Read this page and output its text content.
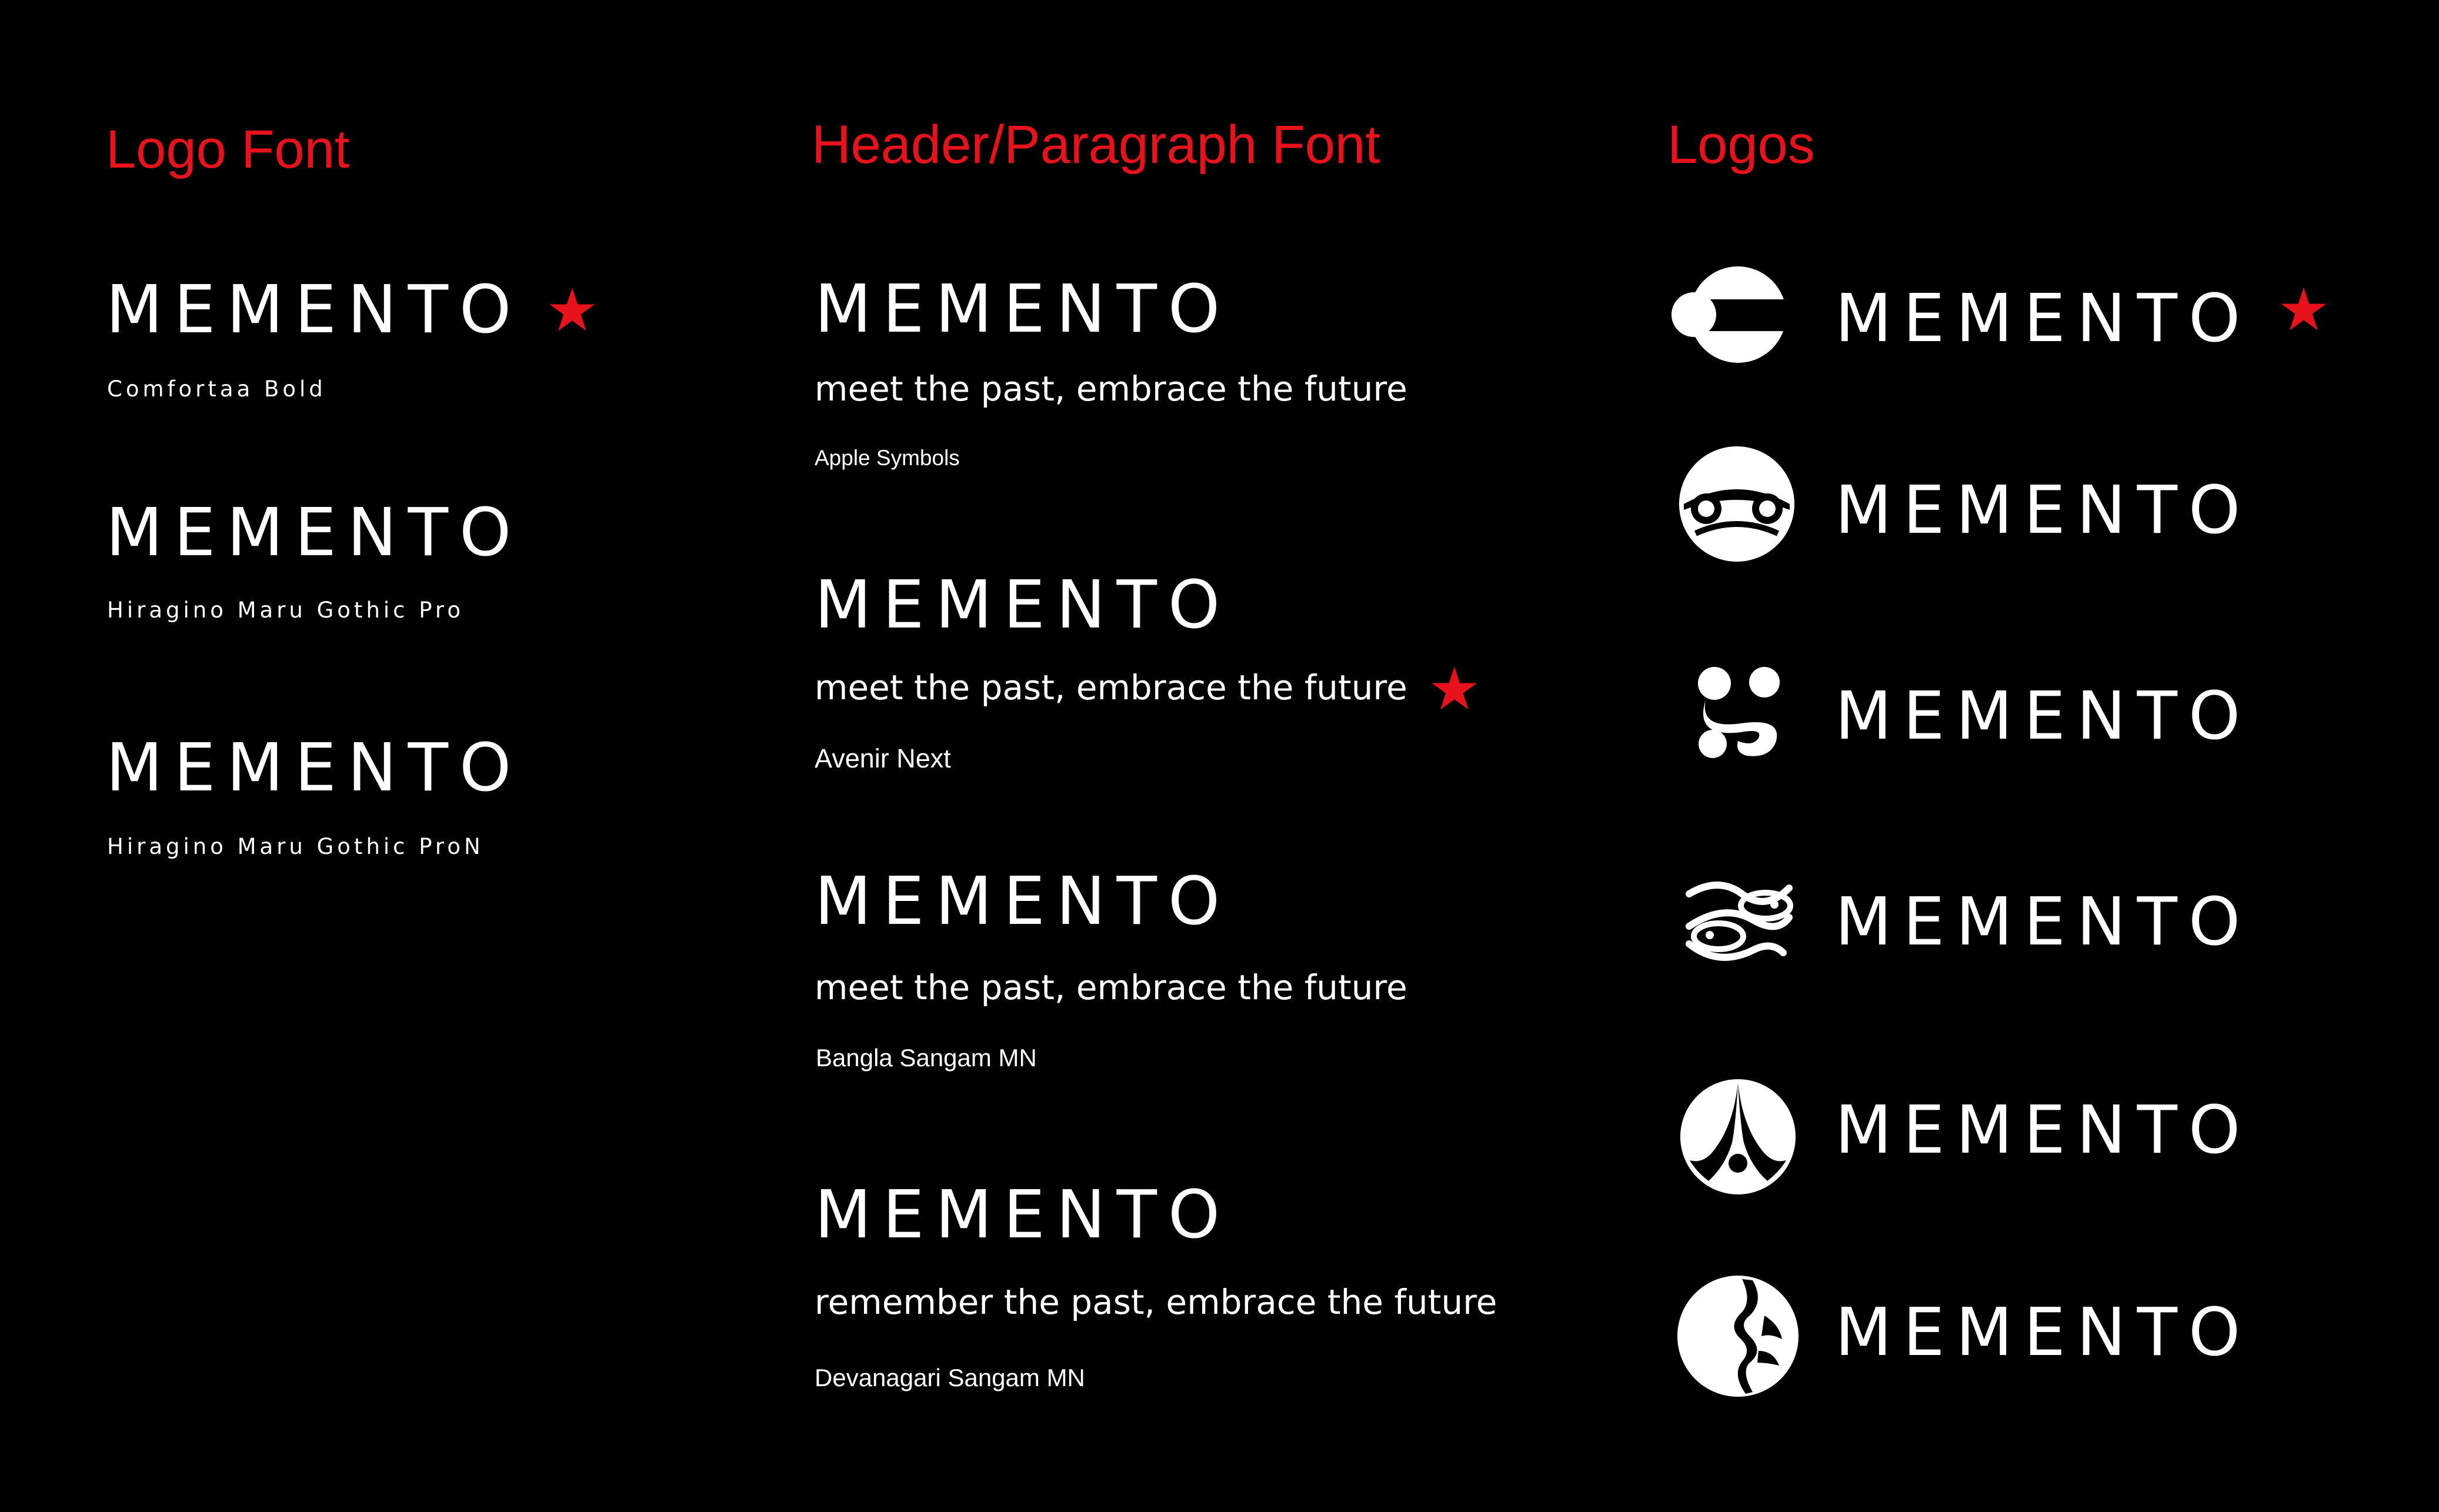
Logo Font
MEMENTO ★
Comfortaa Bold
MEMENTO
Hiragino Maru Gothic Pro
MEMENTO
Hiragino Maru Gothic ProN
Header/Paragraph Font
MEMENTO
meet the past, embrace the future
Apple Symbols
MEMENTO
meet the past, embrace the future ★
Avenir Next
MEMENTO
meet the past, embrace the future
Bangla Sangam MN
MEMENTO
remember the past, embrace the future
Devanagari Sangam MN
Logos
MEMENTO ★
MEMENTO
MEMENTO
MEMENTO
MEMENTO
MEMENTO
